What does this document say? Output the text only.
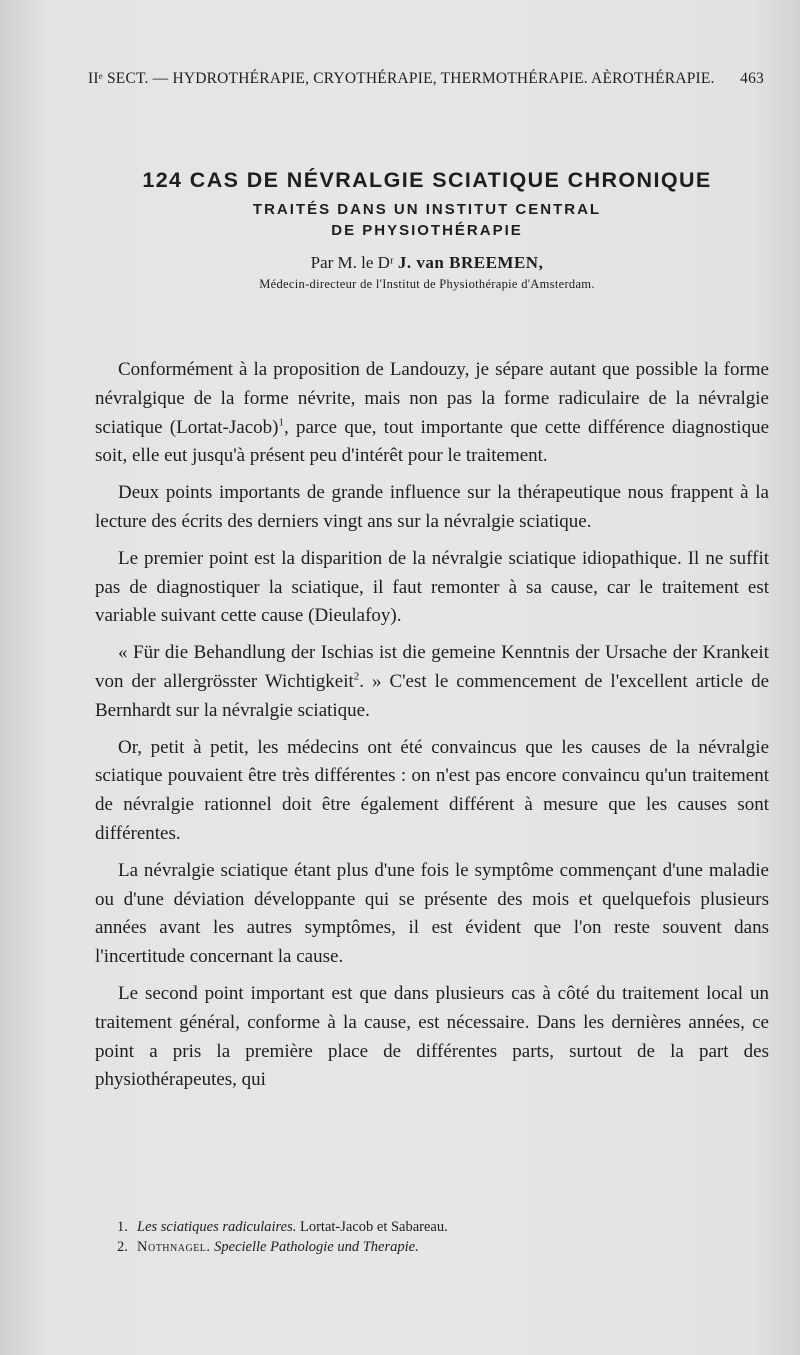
IIᵉ SECT. — HYDROTHÉRAPIE, CRYOTHÉRAPIE, THERMOTHÉRAPIE. AÈROTHÉRAPIE. 463
124 CAS DE NÉVRALGIE SCIATIQUE CHRONIQUE
TRAITÉS DANS UN INSTITUT CENTRAL
DE PHYSIOTHÉRAPIE
Par M. le Dʳ J. van BREEMEN,
Médecin-directeur de l'Institut de Physiothérapie d'Amsterdam.

Conformément à la proposition de Landouzy, je sépare autant que possible la forme névralgique de la forme névrite, mais non pas la forme radiculaire de la névralgie sciatique (Lortat-Jacob)$^1$, parce que, tout importante que cette différence diagnostique soit, elle eut jusqu'à présent peu d'intérêt pour le traitement.

Deux points importants de grande influence sur la thérapeutique nous frappent à la lecture des écrits des derniers vingt ans sur la névralgie sciatique.

Le premier point est la disparition de la névralgie sciatique idiopathique. Il ne suffit pas de diagnostiquer la sciatique, il faut remonter à sa cause, car le traitement est variable suivant cette cause (Dieulafoy).

« Für die Behandlung der Ischias ist die gemeine Kenntnis der Ursache der Krankeit von der allergrösster Wichtigkeit$^2$. » C'est le commencement de l'excellent article de Bernhardt sur la névralgie sciatique.

Or, petit à petit, les médecins ont été convaincus que les causes de la névralgie sciatique pouvaient être très différentes : on n'est pas encore convaincu qu'un traitement de névralgie rationnel doit être également différent à mesure que les causes sont différentes.

La névralgie sciatique étant plus d'une fois le symptôme commençant d'une maladie ou d'une déviation développante qui se présente des mois et quelquefois plusieurs années avant les autres symptômes, il est évident que l'on reste souvent dans l'incertitude concernant la cause.

Le second point important est que dans plusieurs cas à côté du traitement local un traitement général, conforme à la cause, est nécessaire. Dans les dernières années, ce point a pris la première place de différentes parts, surtout de la part des physiothérapeutes, qui

1. Les sciatiques radiculaires. Lortat-Jacob et Sabareau.
2. Nothnagel. Specielle Pathologie und Therapie.
